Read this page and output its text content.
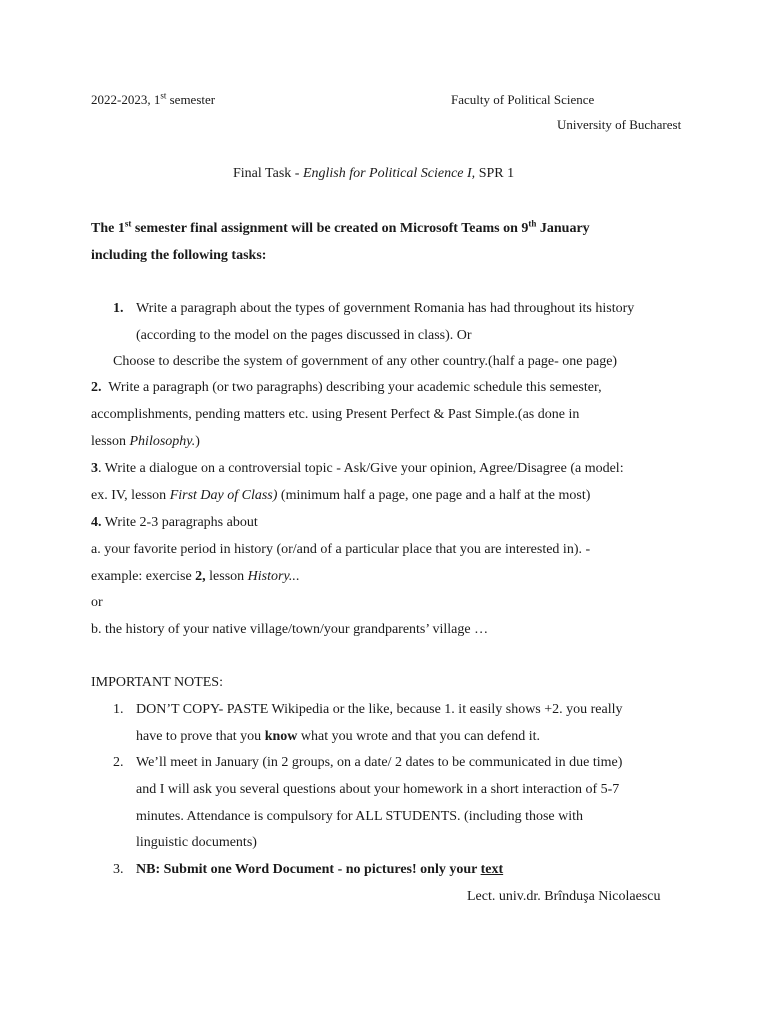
2022-2023, 1st semester	Faculty of Political Science
University of Bucharest
Final Task - English for Political Science I, SPR 1
The 1st semester final assignment will be created on Microsoft Teams on 9th January
including the following tasks:
1. Write a paragraph about the types of government Romania has had throughout its history
(according to the model on the pages discussed in class). Or
Choose to describe the system of government of any other country.(half a page- one page)
2.  Write a paragraph (or two paragraphs) describing your academic schedule this semester,
accomplishments, pending matters etc. using Present Perfect & Past Simple.(as done in
lesson Philosophy.)
3. Write a dialogue on a controversial topic - Ask/Give your opinion, Agree/Disagree (a model:
ex. IV, lesson First Day of Class) (minimum half a page, one page and a half at the most)
4. Write 2-3 paragraphs about
a. your favorite period in history (or/and of a particular place that you are interested in). -
example: exercise 2, lesson History...
or
b. the history of your native village/town/your grandparents’ village …
IMPORTANT NOTES:
1. DON’T COPY- PASTE Wikipedia or the like, because 1. it easily shows +2. you really
have to prove that you know what you wrote and that you can defend it.
2. We’ll meet in January (in 2 groups, on a date/ 2 dates to be communicated in due time)
and I will ask you several questions about your homework in a short interaction of 5-7
minutes. Attendance is compulsory for ALL STUDENTS. (including those with
linguistic documents)
3. NB: Submit one Word Document - no pictures! only your text
Lect. univ.dr. Brînduşa Nicolaescu
